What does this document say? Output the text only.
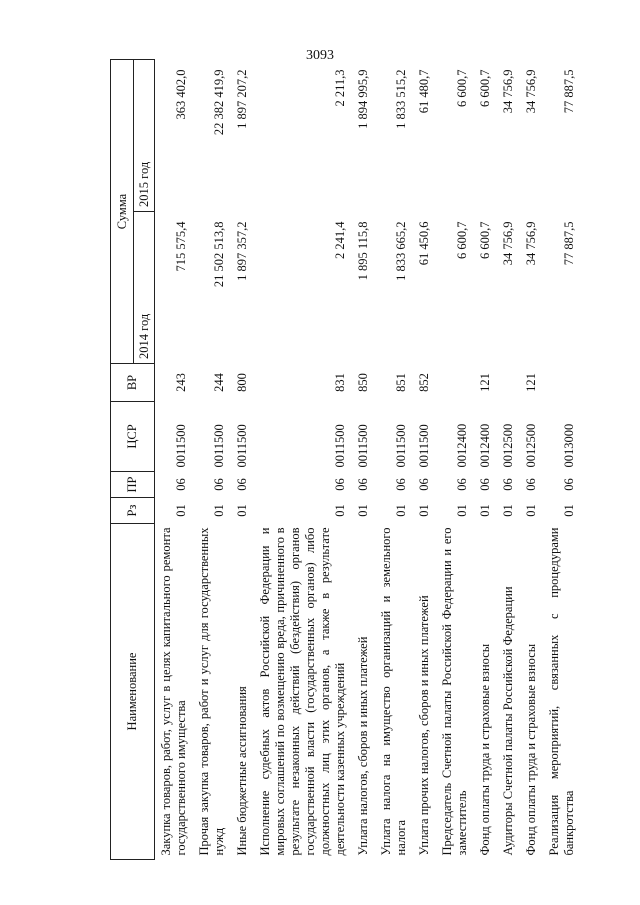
3093
Наименование	Рз	ПР	ЦСР	ВР	Сумма	
					2014 год	2015 год
Закупка товаров, работ, услуг в целях капитального ремонта государственного имущества	01	06	0011500	243	715 575,4	363 402,0
Прочая закупка товаров, работ и услуг для государственных нужд	01	06	0011500	244	21 502 513,8	22 382 419,9
Иные бюджетные ассигнования	01	06	0011500	800	1 897 357,2	1 897 207,2
Исполнение судебных актов Российской Федерации и мировых соглашений по возмещению вреда, причиненного в результате незаконных действий (бездействия) органов государственной власти (государственных органов) либо должностных лиц этих органов, а также в результате деятельности казенных учреждений	01	06	0011500	831	2 241,4	2 211,3
Уплата налогов, сборов и иных платежей	01	06	0011500	850	1 895 115,8	1 894 995,9
Уплата налога на имущество организаций и земельного налога	01	06	0011500	851	1 833 665,2	1 833 515,2
Уплата прочих налогов, сборов и иных платежей	01	06	0011500	852	61 450,6	61 480,7
Председатель Счетной палаты Российской Федерации и его заместитель	01	06	0012400		6 600,7	6 600,7
Фонд оплаты труда и страховые взносы	01	06	0012400	121	6 600,7	6 600,7
Аудиторы Счетной палаты Российской Федерации	01	06	0012500		34 756,9	34 756,9
Фонд оплаты труда и страховые взносы	01	06	0012500	121	34 756,9	34 756,9
Реализация мероприятий, связанных с процедурами банкротства	01	06	0013000		77 887,5	77 887,5
